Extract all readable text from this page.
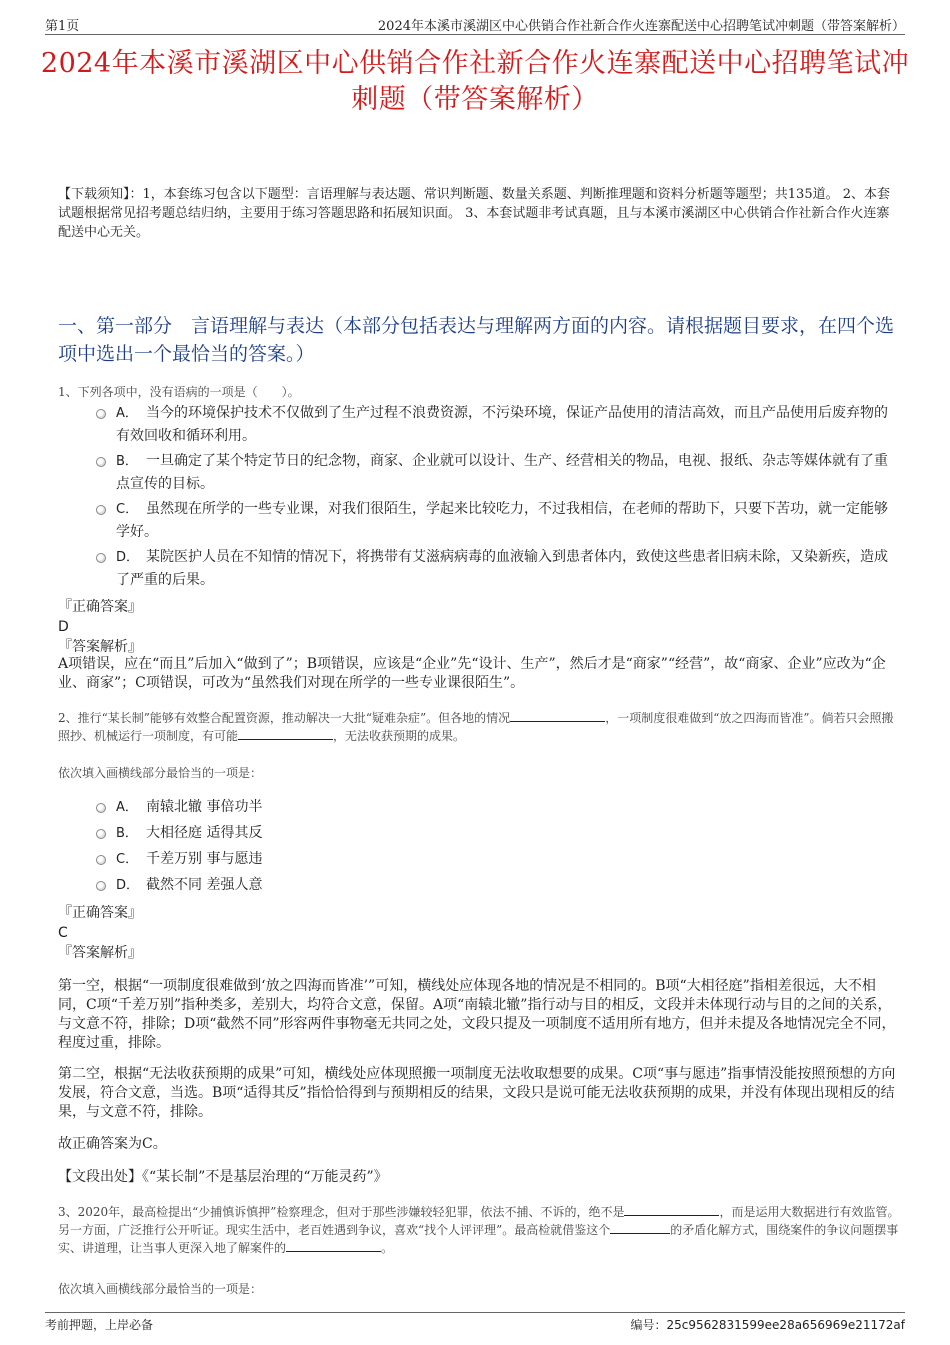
第1页	2024年本溪市溪湖区中心供销合作社新合作火连寨配送中心招聘笔试冲刺题（带答案解析）
2024年本溪市溪湖区中心供销合作社新合作火连寨配送中心招聘笔试冲刺题（带答案解析）
【下载须知】：1，本套练习包含以下题型：言语理解与表达题、常识判断题、数量关系题、判断推理题和资料分析题等题型；共135道。 2、本套试题根据常见招考题总结归纳，主要用于练习答题思路和拓展知识面。 3、本套试题非考试真题，且与本溪市溪湖区中心供销合作社新合作火连寨配送中心无关。
一、第一部分　言语理解与表达（本部分包括表达与理解两方面的内容。请根据题目要求，在四个选项中选出一个最恰当的答案。）
1、下列各项中，没有语病的一项是（　　）。
A． 当今的环境保护技术不仅做到了生产过程不浪费资源，不污染环境，保证产品使用的清洁高效，而且产品使用后废弃物的有效回收和循环利用。
B． 一旦确定了某个特定节日的纪念物，商家、企业就可以设计、生产、经营相关的物品，电视、报纸、杂志等媒体就有了重点宣传的目标。
C． 虽然现在所学的一些专业课，对我们很陌生，学起来比较吃力，不过我相信，在老师的帮助下，只要下苦功，就一定能够学好。
D． 某院医护人员在不知情的情况下，将携带有艾滋病病毒的血液输入到患者体内，致使这些患者旧病未除，又染新疾，造成了严重的后果。
『正确答案』
D
『答案解析』
A项错误，应在“而且”后加入“做到了”；B项错误，应该是“企业”先“设计、生产”，然后才是“商家”“经营”，故“商家、企业”应改为“企业、商家”；C项错误，可改为“虽然我们对现在所学的一些专业课很陌生”。
2、推行“某长制”能够有效整合配置资源，推动解决一大批“疑难杂症”。但各地的情况	，一项制度很难做到“放之四海而皆准”。倘若只会照搬照抄、机械运行一项制度，有可能	，无法收获预期的成果。
依次填入画横线部分最恰当的一项是：
A． 南辕北辙 事倍功半
B． 大相径庭 适得其反
C． 千差万别 事与愿违
D． 截然不同 差强人意
『正确答案』
C
『答案解析』
第一空，根据“一项制度很难做到‘放之四海而皆准’”可知，横线处应体现各地的情况是不相同的。B项“大相径庭”指相差很远，大不相同，C项“千差万别”指种类多，差别大，均符合文意，保留。A项“南辕北辙”指行动与目的相反，文段并未体现行动与目的之间的关系，与文意不符，排除；D项“截然不同”形容两件事物毫无共同之处，文段只提及一项制度不适用所有地方，但并未提及各地情况完全不同，程度过重，排除。
第二空，根据“无法收获预期的成果”可知，横线处应体现照搬一项制度无法收取想要的成果。C项“事与愿违”指事情没能按照预想的方向发展，符合文意，当选。B项“适得其反”指恰恰得到与预期相反的结果，文段只是说可能无法收获预期的成果，并没有体现出现相反的结果，与文意不符，排除。
故正确答案为C。
【文段出处】《“某长制”不是基层治理的“万能灵药”》
3、2020年，最高检提出“少捕慎诉慎押”检察理念，但对于那些涉嫌较轻犯罪，依法不捕、不诉的，绝不是	，而是运用大数据进行有效监管。另一方面，广泛推行公开听证。现实生活中，老百姓遇到争议，喜欢“找个人评评理”。最高检就借鉴这个	的矛盾化解方式，围绕案件的争议问题摆事实、讲道理，让当事人更深入地了解案件的	。
依次填入画横线部分最恰当的一项是：
考前押题，上岸必备	编号：25c9562831599ee28a656969e21172af
